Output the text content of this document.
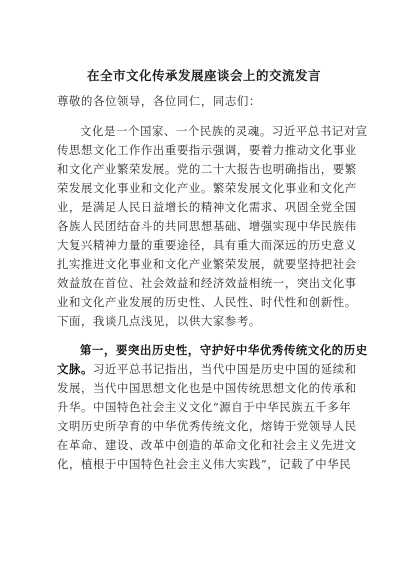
在全市文化传承发展座谈会上的交流发言
尊敬的各位领导，各位同仁，同志们：
文化是一个国家、一个民族的灵魂。习近平总书记对宣
传思想文化工作作出重要指示强调，要着力推动文化事业
和文化产业繁荣发展。党的二十大报告也明确指出，要繁
荣发展文化事业和文化产业。繁荣发展文化事业和文化产
业，是满足人民日益增长的精神文化需求、巩固全党全国
各族人民团结奋斗的共同思想基础、增强实现中华民族伟
大复兴精神力量的重要途径，具有重大而深远的历史意义
扎实推进文化事业和文化产业繁荣发展，就要坚持把社会
效益放在首位、社会效益和经济效益相统一，突出文化事
业和文化产业发展的历史性、人民性、时代性和创新性。
下面，我谈几点浅见，以供大家参考。
第一，要突出历史性，守护好中华优秀传统文化的历史
文脉。习近平总书记指出，当代中国是历史中国的延续和
发展，当代中国思想文化也是中国传统思想文化的传承和
升华。中国特色社会主义文化“源自于中华民族五千多年
文明历史所孕育的中华优秀传统文化，熔铸于党领导人民
在革命、建设、改革中创造的革命文化和社会主义先进文
化，植根于中国特色社会主义伟大实践”，记载了中华民
